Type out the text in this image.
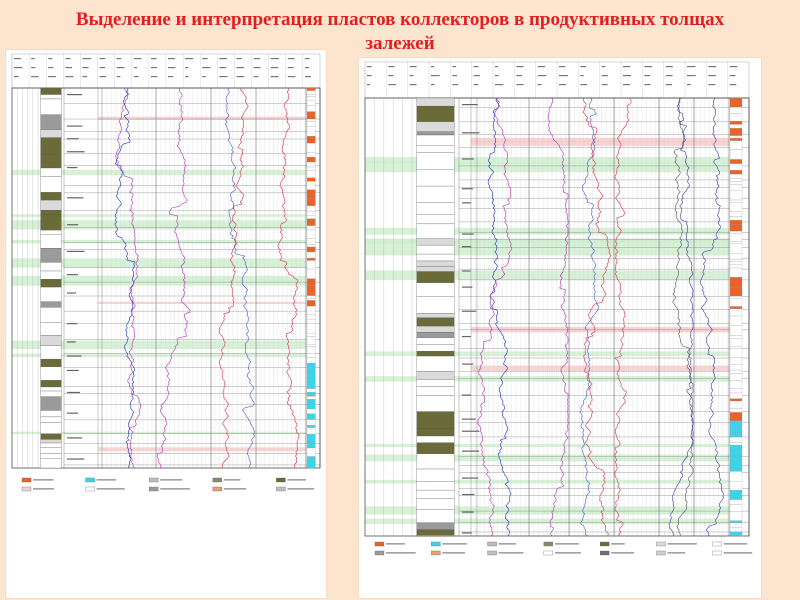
Выделение и интерпретация пластов коллекторов в продуктивных толщах залежей
